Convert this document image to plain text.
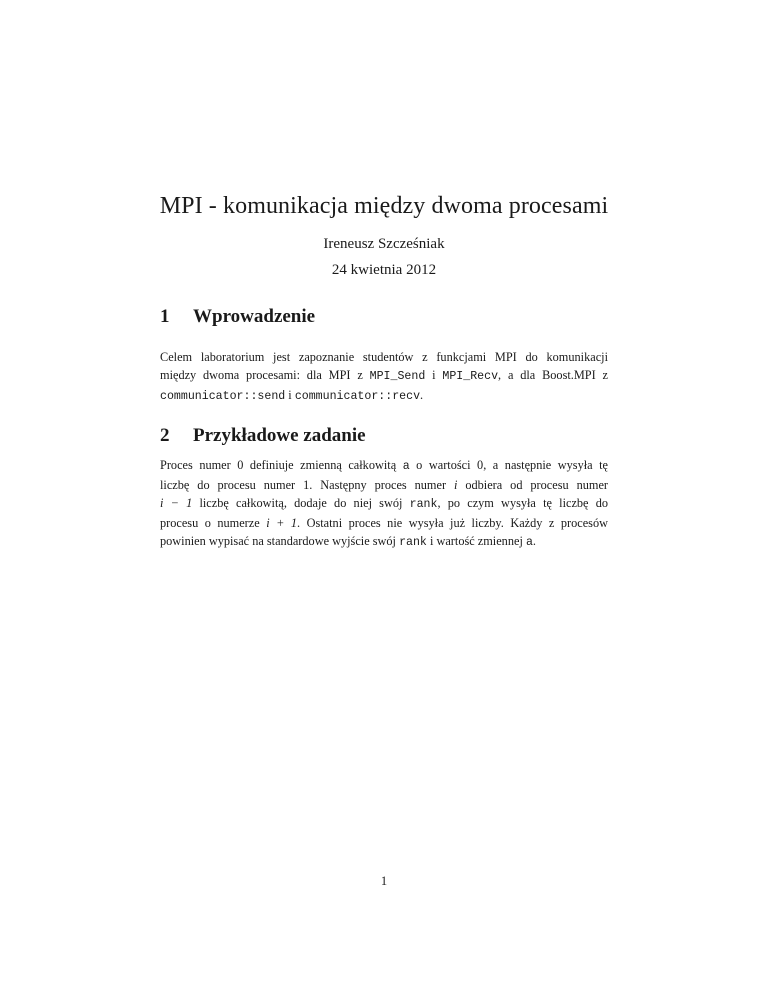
MPI - komunikacja między dwoma procesami
Ireneusz Szcześniak
24 kwietnia 2012
1 Wprowadzenie
Celem laboratorium jest zapoznanie studentów z funkcjami MPI do komunikacji
między dwoma procesami: dla MPI z MPI_Send i MPI_Recv, a dla Boost.MPI z
communicator::send i communicator::recv.
2 Przykładowe zadanie
Proces numer 0 definiuje zmienną całkowitą a o wartości 0, a następnie wysyła tę
liczbę do procesu numer 1. Następny proces numer i odbiera od procesu numer
i − 1 liczbę całkowitą, dodaje do niej swój rank, po czym wysyła tę liczbę do
procesu o numerze i + 1. Ostatni proces nie wysyła już liczby. Każdy z procesów
powinien wypisać na standardowe wyjście swój rank i wartość zmiennej a.
1
